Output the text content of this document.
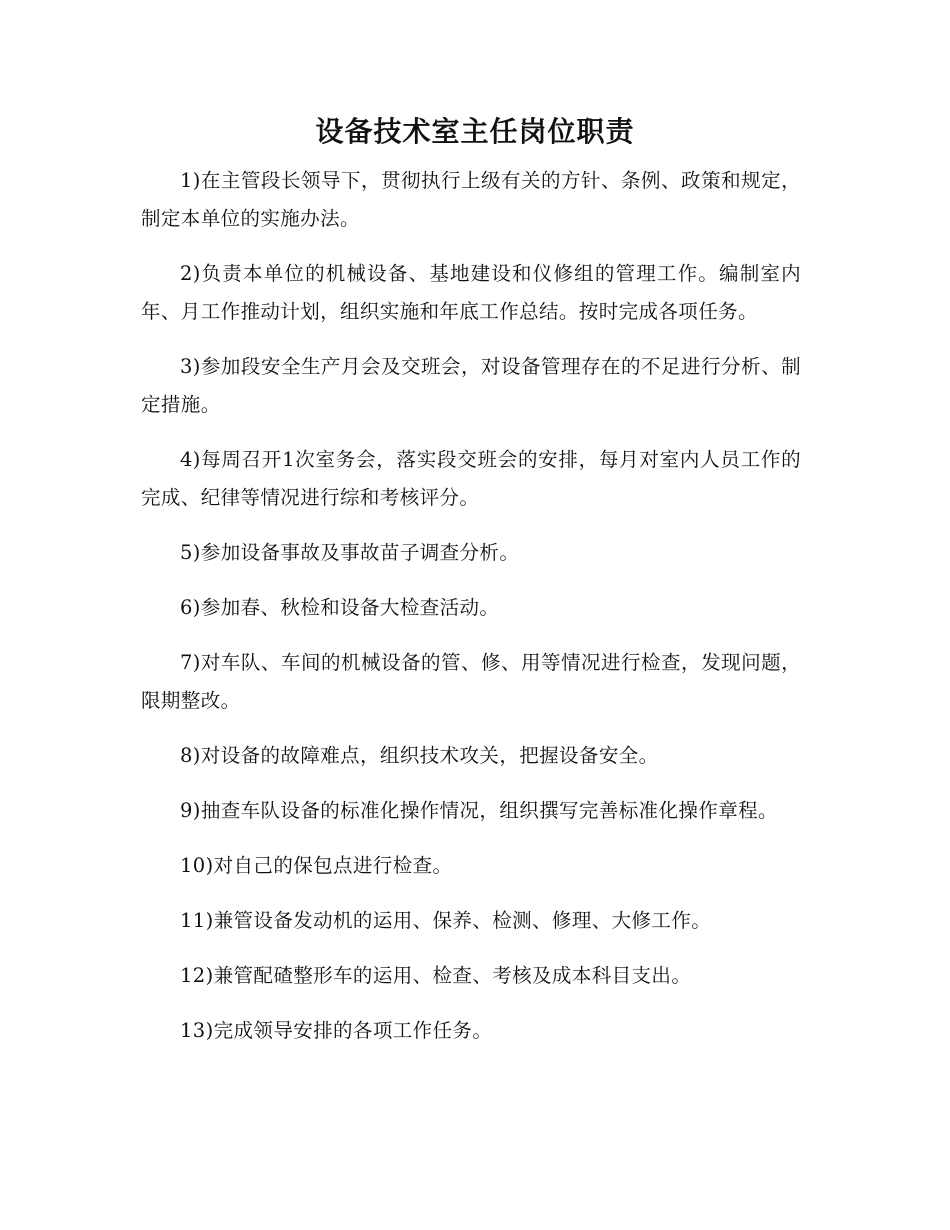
设备技术室主任岗位职责

1)在主管段长领导下，贯彻执行上级有关的方针、条例、政策和规定，制定本单位的实施办法。

2)负责本单位的机械设备、基地建设和仪修组的管理工作。编制室内年、月工作推动计划，组织实施和年底工作总结。按时完成各项任务。

3)参加段安全生产月会及交班会，对设备管理存在的不足进行分析、制定措施。

4)每周召开1次室务会，落实段交班会的安排，每月对室内人员工作的完成、纪律等情况进行综和考核评分。

5)参加设备事故及事故苗子调查分析。

6)参加春、秋检和设备大检查活动。

7)对车队、车间的机械设备的管、修、用等情况进行检查，发现问题，限期整改。

8)对设备的故障难点，组织技术攻关，把握设备安全。

9)抽查车队设备的标准化操作情况，组织撰写完善标准化操作章程。

10)对自己的保包点进行检查。

11)兼管设备发动机的运用、保养、检测、修理、大修工作。

12)兼管配碴整形车的运用、检查、考核及成本科目支出。

13)完成领导安排的各项工作任务。
